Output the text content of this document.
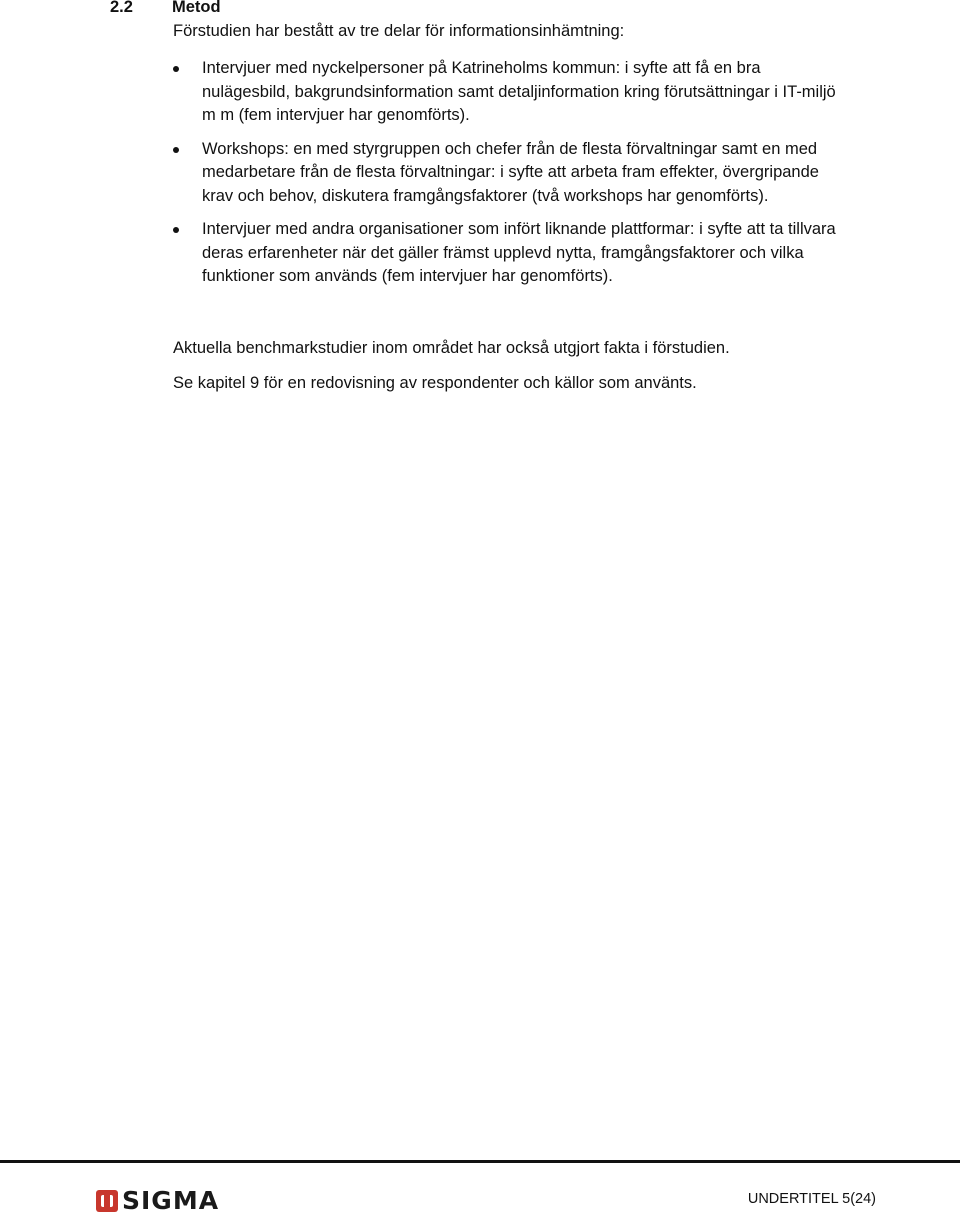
2.2 Metod
Förstudien har bestått av tre delar för informationsinhämtning:
Intervjuer med nyckelpersoner på Katrineholms kommun: i syfte att få en bra nulägesbild, bakgrundsinformation samt detaljinformation kring förutsättningar i IT-miljö m m (fem intervjuer har genomförts).
Workshops: en med styrgruppen och chefer från de flesta förvaltningar samt en med medarbetare från de flesta förvaltningar: i syfte att arbeta fram effekter, övergripande krav och behov, diskutera framgångsfaktorer (två workshops har genomförts).
Intervjuer med andra organisationer som infört liknande plattformar: i syfte att ta tillvara deras erfarenheter när det gäller främst upplevd nytta, framgångsfaktorer och vilka funktioner som används (fem intervjuer har genomförts).

Aktuella benchmarkstudier inom området har också utgjort fakta i förstudien.

Se kapitel 9 för en redovisning av respondenter och källor som använts.

SIGMA	UNDERTITEL 5(24)
